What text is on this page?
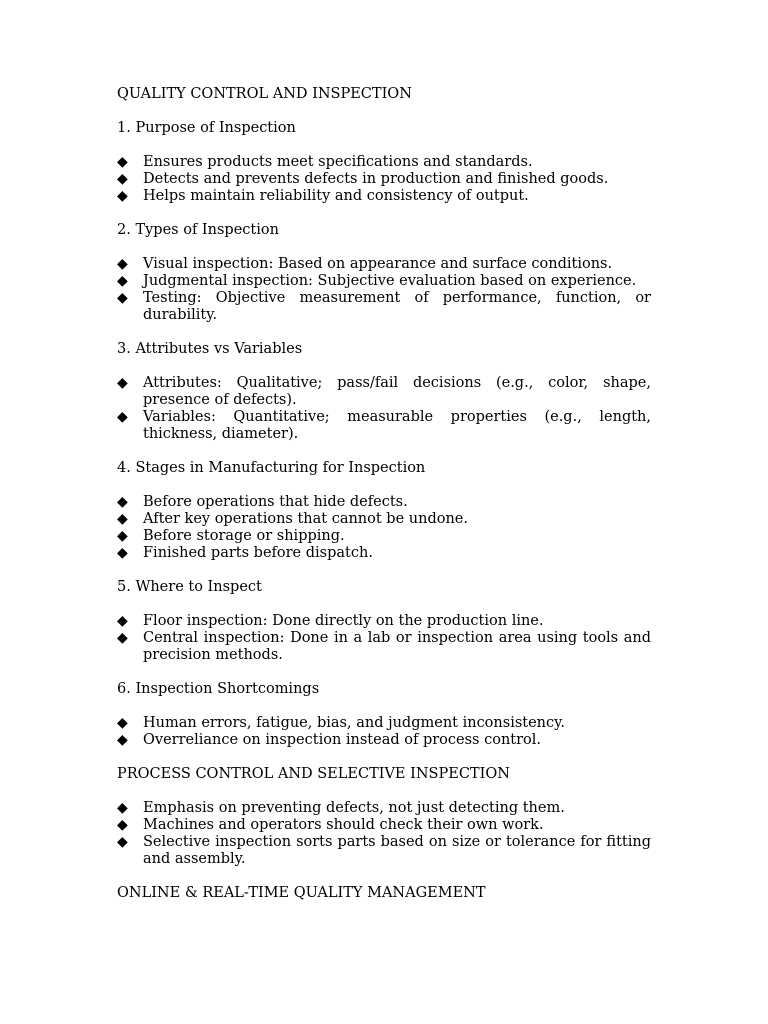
QUALITY CONTROL AND INSPECTION
1. Purpose of Inspection
◆ Ensures products meet specifications and standards.
◆ Detects and prevents defects in production and finished goods.
◆ Helps maintain reliability and consistency of output.
2. Types of Inspection
◆ Visual inspection: Based on appearance and surface conditions.
◆ Judgmental inspection: Subjective evaluation based on experience.
◆ Testing: Objective measurement of performance, function, or durability.
3. Attributes vs Variables
◆ Attributes: Qualitative; pass/fail decisions (e.g., color, shape, presence of defects).
◆ Variables: Quantitative; measurable properties (e.g., length, thickness, diameter).
4. Stages in Manufacturing for Inspection
◆ Before operations that hide defects.
◆ After key operations that cannot be undone.
◆ Before storage or shipping.
◆ Finished parts before dispatch.
5. Where to Inspect
◆ Floor inspection: Done directly on the production line.
◆ Central inspection: Done in a lab or inspection area using tools and precision methods.
6. Inspection Shortcomings
◆ Human errors, fatigue, bias, and judgment inconsistency.
◆ Overreliance on inspection instead of process control.
PROCESS CONTROL AND SELECTIVE INSPECTION
◆ Emphasis on preventing defects, not just detecting them.
◆ Machines and operators should check their own work.
◆ Selective inspection sorts parts based on size or tolerance for fitting and assembly.
ONLINE & REAL-TIME QUALITY MANAGEMENT
